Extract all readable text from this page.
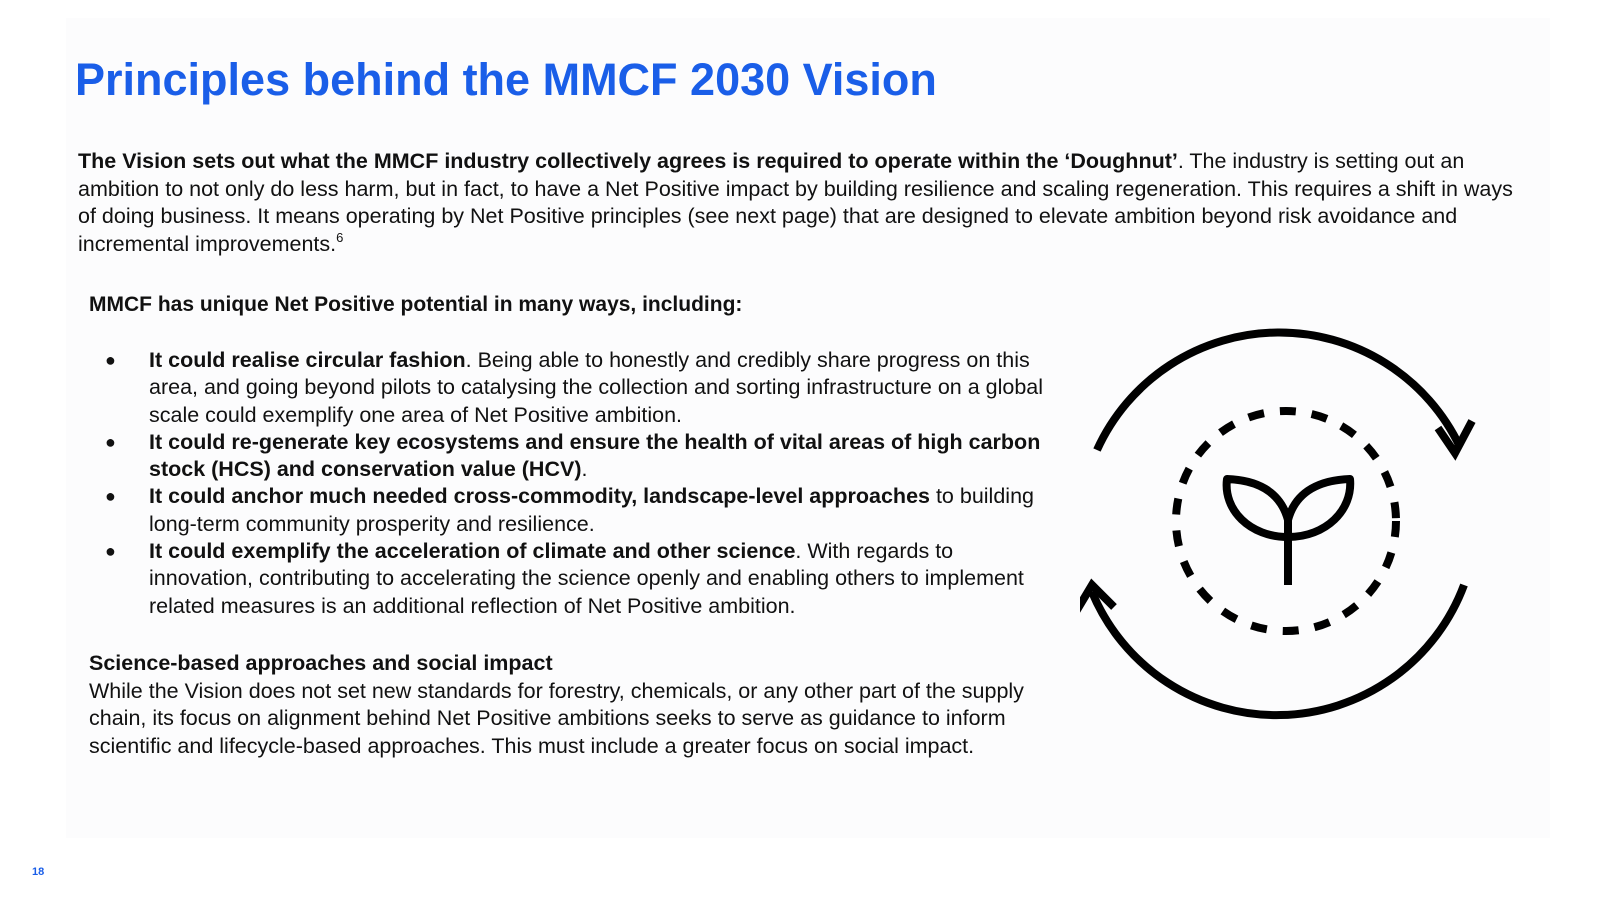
Principles behind the MMCF 2030 Vision
The Vision sets out what the MMCF industry collectively agrees is required to operate within the ‘Doughnut’. The industry is setting out an ambition to not only do less harm, but in fact, to have a Net Positive impact by building resilience and scaling regeneration. This requires a shift in ways of doing business. It means operating by Net Positive principles (see next page) that are designed to elevate ambition beyond risk avoidance and incremental improvements.$^6$
MMCF has unique Net Positive potential in many ways, including:
● It could realise circular fashion. Being able to honestly and credibly share progress on this area, and going beyond pilots to catalysing the collection and sorting infrastructure on a global scale could exemplify one area of Net Positive ambition.
● It could re-generate key ecosystems and ensure the health of vital areas of high carbon stock (HCS) and conservation value (HCV).
● It could anchor much needed cross-commodity, landscape-level approaches to building long-term community prosperity and resilience.
● It could exemplify the acceleration of climate and other science. With regards to innovation, contributing to accelerating the science openly and enabling others to implement related measures is an additional reflection of Net Positive ambition.
Science-based approaches and social impact
While the Vision does not set new standards for forestry, chemicals, or any other part of the supply chain, its focus on alignment behind Net Positive ambitions seeks to serve as guidance to inform scientific and lifecycle-based approaches. This must include a greater focus on social impact.
18
